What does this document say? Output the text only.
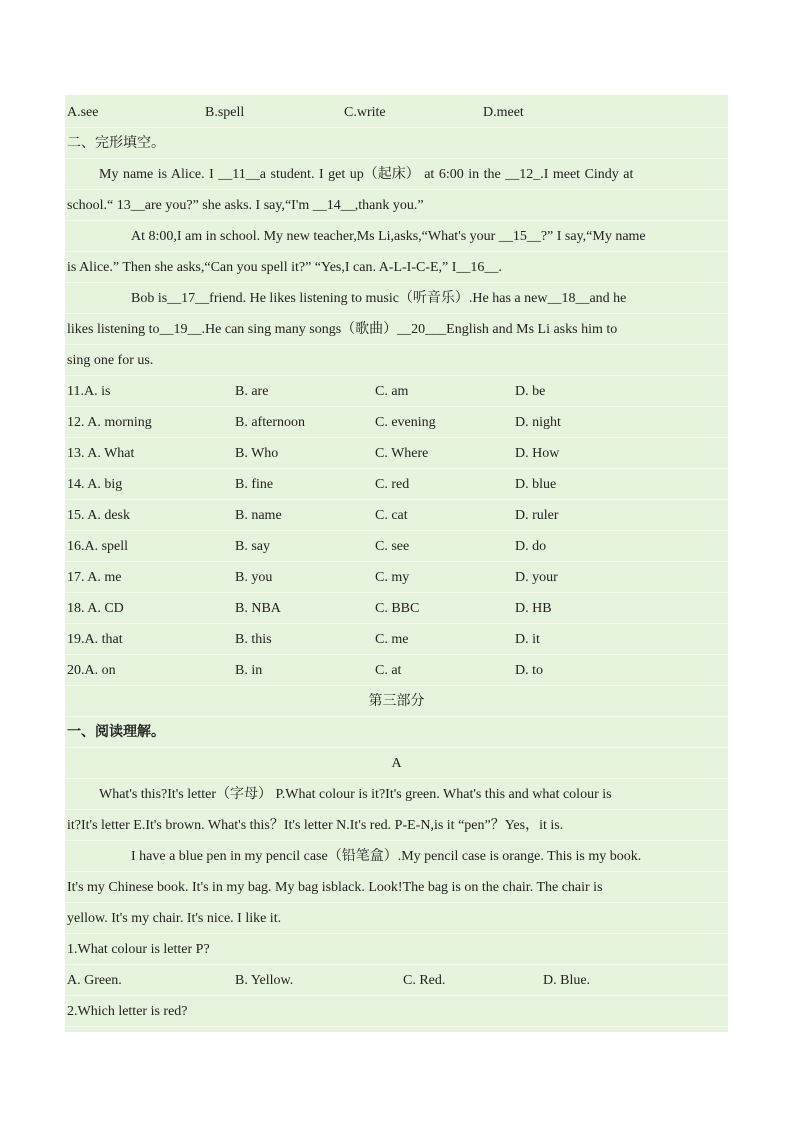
A.see	B.spell	C.write	D.meet
二、完形填空。
My name is Alice. I __11__a student. I get up（起床） at 6:00 in the __12_.I meet Cindy at
school.“ 13__are you?” she asks. I say,“I'm __14__,thank you.”
At 8:00,I am in school. My new teacher,Ms Li,asks,“What's your __15__?” I say,“My name
is Alice.” Then she asks,“Can you spell it?” “Yes,I can. A-L-I-C-E,” I__16__.
Bob is__17__friend. He likes listening to music（听音乐）.He has a new__18__and he
likes listening to__19__.He can sing many songs（歌曲）__20___English and Ms Li asks him to
sing one for us.
11.A. is	B. are	C. am	D. be
12. A. morning	B. afternoon	C. evening	D. night
13. A. What	B. Who	C. Where	D. How
14. A. big	B. fine	C. red	D. blue
15. A. desk	B. name	C. cat	D. ruler
16.A. spell	B. say	C. see	D. do
17. A. me	B. you	C. my	D. your
18. A. CD	B. NBA	C. BBC	D. HB
19.A. that	B. this	C. me	D. it
20.A. on	B. in	C. at	D. to
第三部分
一、阅读理解。
A
What's this?It's letter（字母） P.What colour is it?It's green. What's this and what colour is
it?It's letter E.It's brown. What's this？It's letter N.It's red. P-E-N,is it “pen”？Yes，it is.
I have a blue pen in my pencil case（铅笔盒）.My pencil case is orange. This is my book.
It's my Chinese book. It's in my bag. My bag isblack. Look!The bag is on the chair. The chair is
yellow. It's my chair. It's nice. I like it.
1.What colour is letter P?
A. Green.	B. Yellow.	C. Red.	D. Blue.
2.Which letter is red?
